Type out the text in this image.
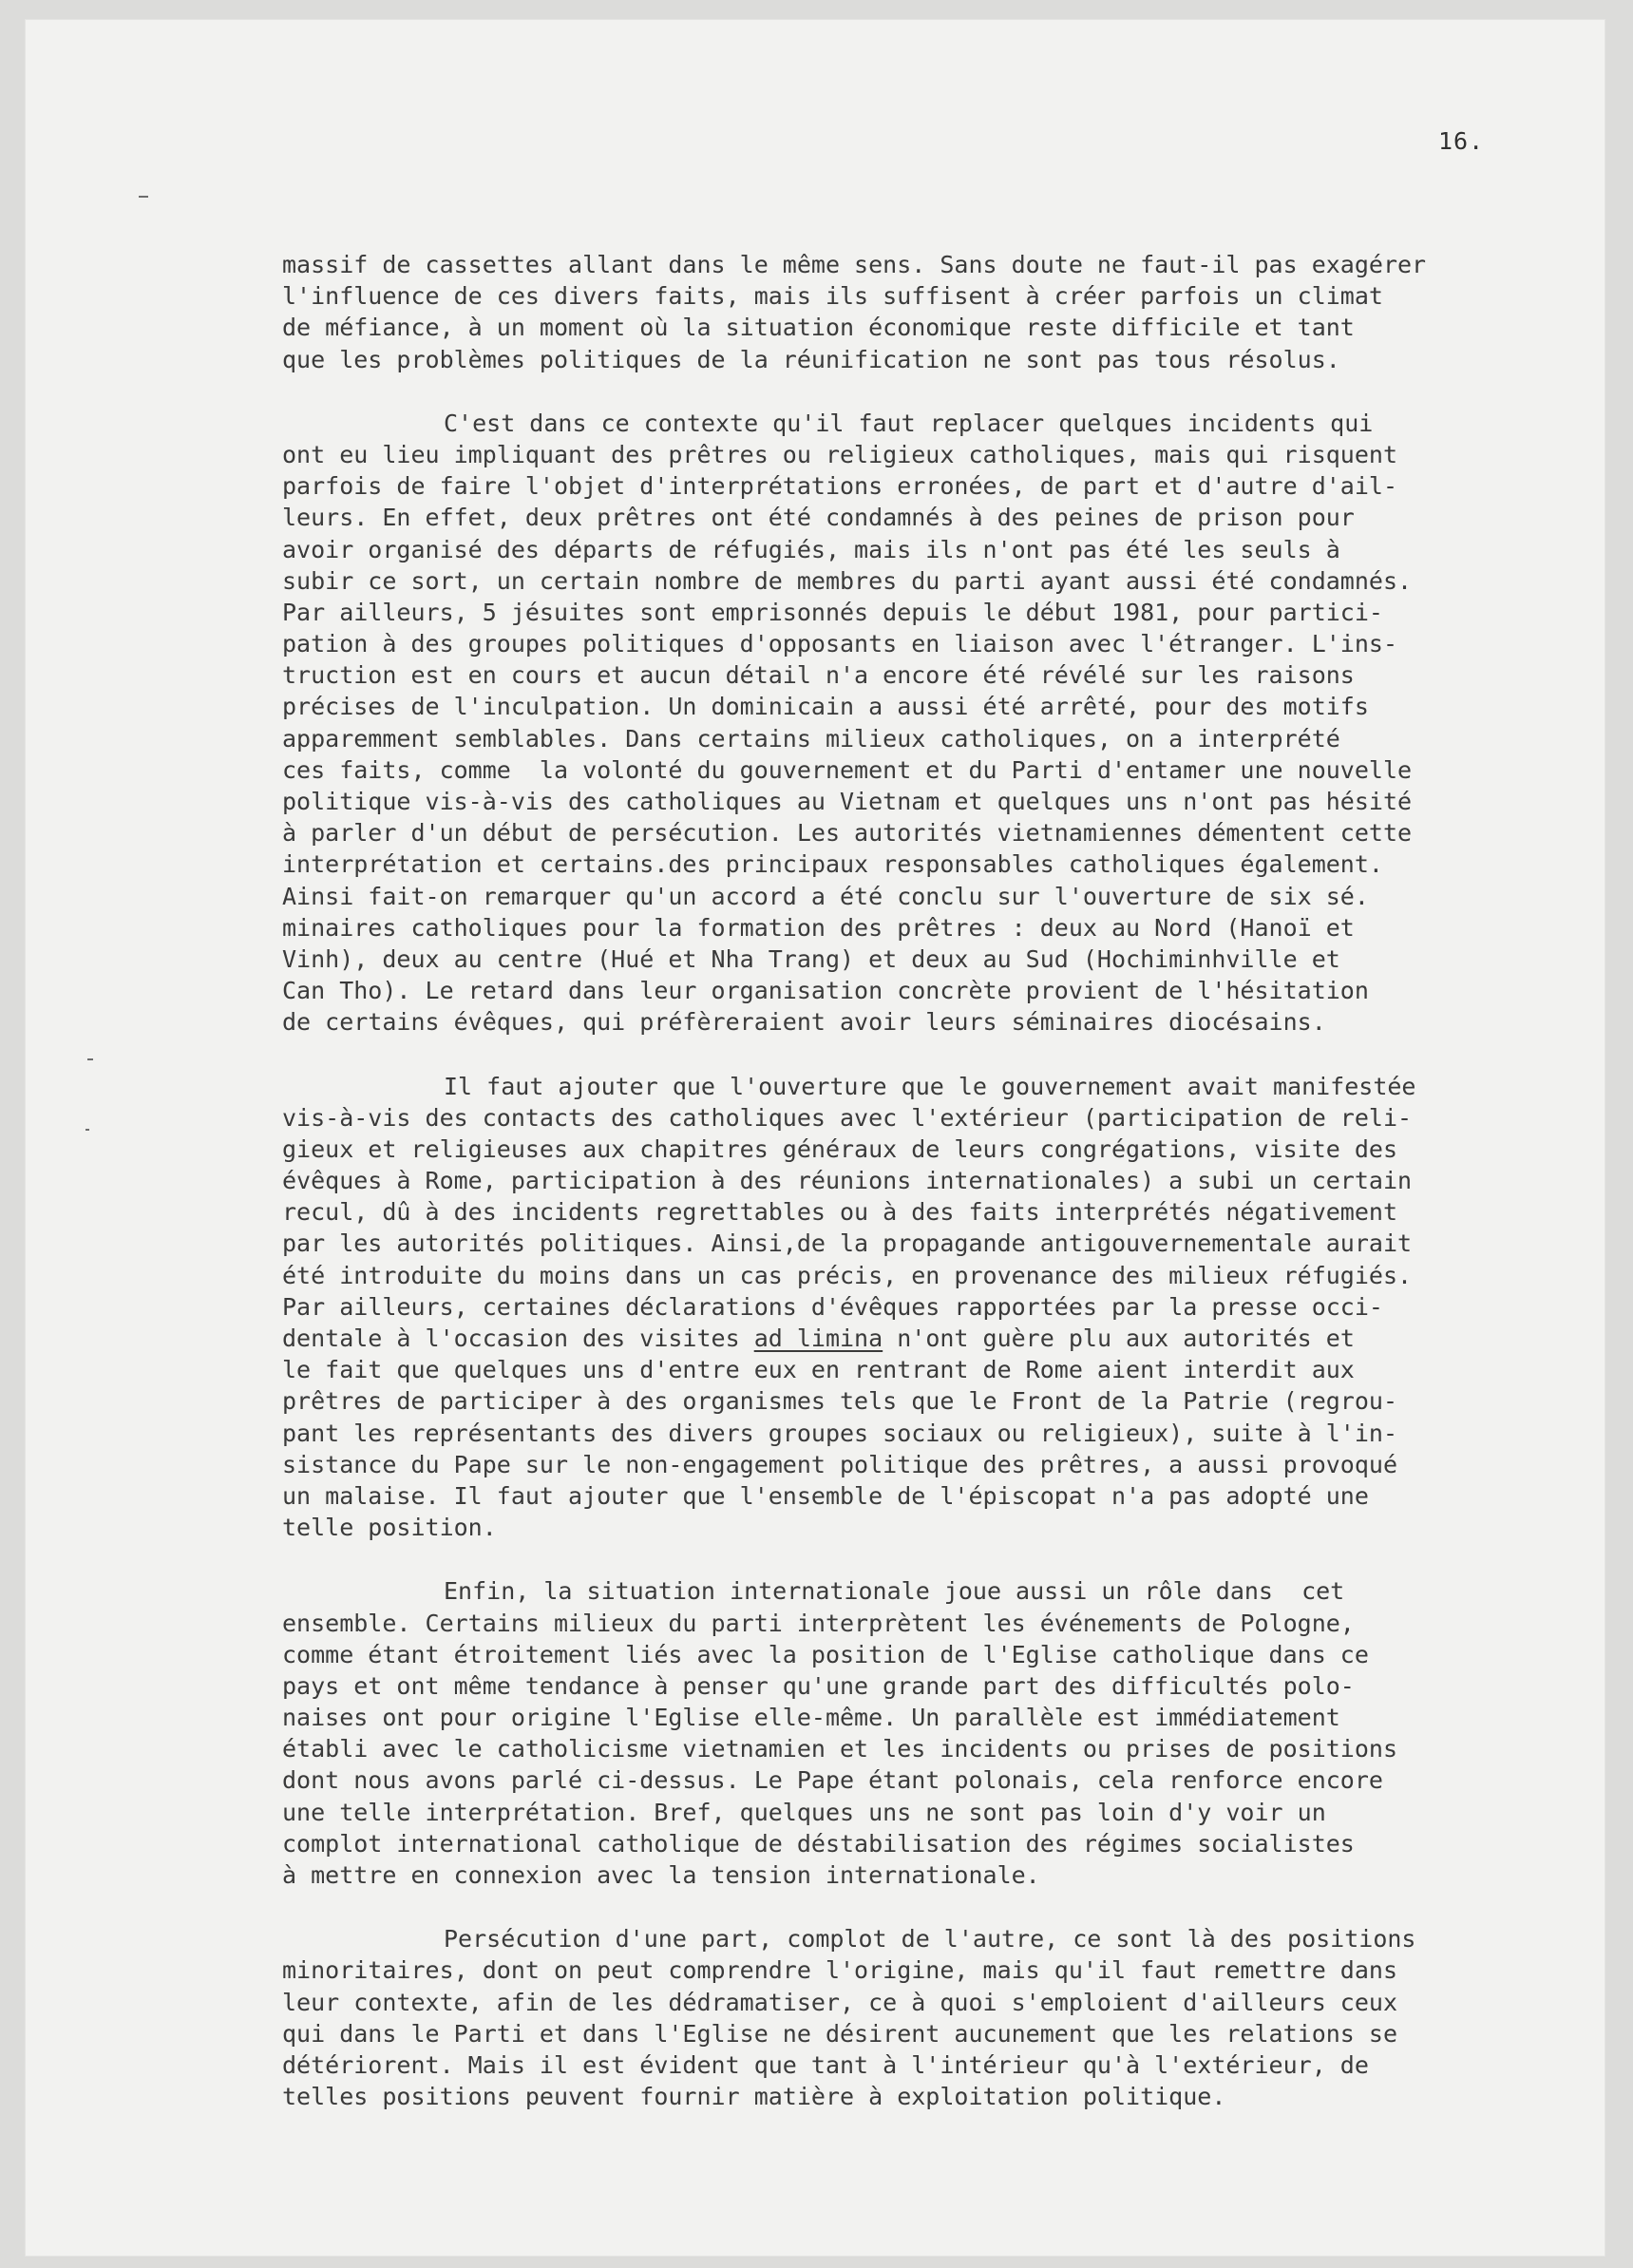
16.
massif de cassettes allant dans le même sens. Sans doute ne faut-il pas exagérer
l'influence de ces divers faits, mais ils suffisent à créer parfois un climat
de méfiance, à un moment où la situation économique reste difficile et tant
que les problèmes politiques de la réunification ne sont pas tous résolus.
C'est dans ce contexte qu'il faut replacer quelques incidents qui
ont eu lieu impliquant des prêtres ou religieux catholiques, mais qui risquent
parfois de faire l'objet d'interprétations erronées, de part et d'autre d'ail-
leurs. En effet, deux prêtres ont été condamnés à des peines de prison pour
avoir organisé des départs de réfugiés, mais ils n'ont pas été les seuls à
subir ce sort, un certain nombre de membres du parti ayant aussi été condamnés.
Par ailleurs, 5 jésuites sont emprisonnés depuis le début 1981, pour partici-
pation à des groupes politiques d'opposants en liaison avec l'étranger. L'ins-
truction est en cours et aucun détail n'a encore été révélé sur les raisons
précises de l'inculpation. Un dominicain a aussi été arrêté, pour des motifs
apparemment semblables. Dans certains milieux catholiques, on a interprété
ces faits, comme  la volonté du gouvernement et du Parti d'entamer une nouvelle
politique vis-à-vis des catholiques au Vietnam et quelques uns n'ont pas hésité
à parler d'un début de persécution. Les autorités vietnamiennes démentent cette
interprétation et certains.des principaux responsables catholiques également.
Ainsi fait-on remarquer qu'un accord a été conclu sur l'ouverture de six sé.
minaires catholiques pour la formation des prêtres : deux au Nord (Hanoï et
Vinh), deux au centre (Hué et Nha Trang) et deux au Sud (Hochiminhville et
Can Tho). Le retard dans leur organisation concrète provient de l'hésitation
de certains évêques, qui préfèreraient avoir leurs séminaires diocésains.
Il faut ajouter que l'ouverture que le gouvernement avait manifestée
vis-à-vis des contacts des catholiques avec l'extérieur (participation de reli-
gieux et religieuses aux chapitres généraux de leurs congrégations, visite des
évêques à Rome, participation à des réunions internationales) a subi un certain
recul, dû à des incidents regrettables ou à des faits interprétés négativement
par les autorités politiques. Ainsi,de la propagande antigouvernementale aurait
été introduite du moins dans un cas précis, en provenance des milieux réfugiés.
Par ailleurs, certaines déclarations d'évêques rapportées par la presse occi-
dentale à l'occasion des visites ad limina n'ont guère plu aux autorités et
le fait que quelques uns d'entre eux en rentrant de Rome aient interdit aux
prêtres de participer à des organismes tels que le Front de la Patrie (regrou-
pant les représentants des divers groupes sociaux ou religieux), suite à l'in-
sistance du Pape sur le non-engagement politique des prêtres, a aussi provoqué
un malaise. Il faut ajouter que l'ensemble de l'épiscopat n'a pas adopté une
telle position.
Enfin, la situation internationale joue aussi un rôle dans  cet
ensemble. Certains milieux du parti interprètent les événements de Pologne,
comme étant étroitement liés avec la position de l'Eglise catholique dans ce
pays et ont même tendance à penser qu'une grande part des difficultés polo-
naises ont pour origine l'Eglise elle-même. Un parallèle est immédiatement
établi avec le catholicisme vietnamien et les incidents ou prises de positions
dont nous avons parlé ci-dessus. Le Pape étant polonais, cela renforce encore
une telle interprétation. Bref, quelques uns ne sont pas loin d'y voir un
complot international catholique de déstabilisation des régimes socialistes
à mettre en connexion avec la tension internationale.
Persécution d'une part, complot de l'autre, ce sont là des positions
minoritaires, dont on peut comprendre l'origine, mais qu'il faut remettre dans
leur contexte, afin de les dédramatiser, ce à quoi s'emploient d'ailleurs ceux
qui dans le Parti et dans l'Eglise ne désirent aucunement que les relations se
détériorent. Mais il est évident que tant à l'intérieur qu'à l'extérieur, de
telles positions peuvent fournir matière à exploitation politique.
